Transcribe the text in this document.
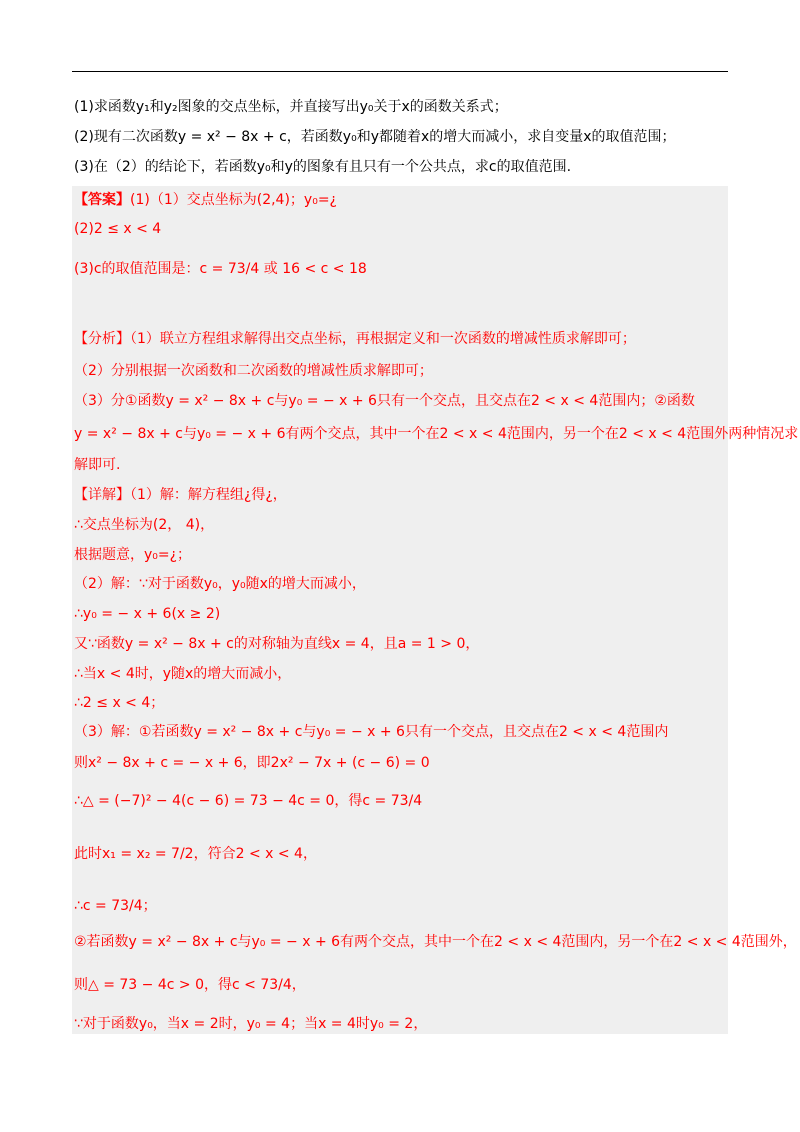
(1)求函数y₁和y₂图象的交点坐标，并直接写出y₀关于x的函数关系式；
(2)现有二次函数y = x² − 8x + c，若函数y₀和y都随着x的增大而减小，求自变量x的取值范围；
(3)在（2）的结论下，若函数y₀和y的图象有且只有一个公共点，求c的取值范围.
【答案】(1)（1）交点坐标为(2,4)；y₀=¿
(2)2 ≤ x < 4
(3)c的取值范围是：c = 73/4 或 16 < c < 18
【分析】（1）联立方程组求解得出交点坐标，再根据定义和一次函数的增减性质求解即可；
（2）分别根据一次函数和二次函数的增减性质求解即可；
（3）分①函数y = x² − 8x + c与y₀ = − x + 6只有一个交点，且交点在2 < x < 4范围内；②函数
y = x² − 8x + c与y₀ = − x + 6有两个交点，其中一个在2 < x < 4范围内，另一个在2 < x < 4范围外两种情况求
解即可.
【详解】（1）解：解方程组¿得¿，
∴交点坐标为(2， 4)，
根据题意，y₀=¿；
（2）解：∵对于函数y₀，y₀随x的增大而减小，
∴y₀ = − x + 6(x ≥ 2)
又∵函数y = x² − 8x + c的对称轴为直线x = 4，且a = 1 > 0，
∴当x < 4时，y随x的增大而减小，
∴2 ≤ x < 4；
（3）解：①若函数y = x² − 8x + c与y₀ = − x + 6只有一个交点，且交点在2 < x < 4范围内
则x² − 8x + c = − x + 6，即2x² − 7x + (c − 6) = 0
∴△ = (−7)² − 4(c − 6) = 73 − 4c = 0，得c = 73/4
此时x₁ = x₂ = 7/2，符合2 < x < 4，
∴c = 73/4；
②若函数y = x² − 8x + c与y₀ = − x + 6有两个交点，其中一个在2 < x < 4范围内，另一个在2 < x < 4范围外，
则△ = 73 − 4c > 0，得c < 73/4，
∵对于函数y₀，当x = 2时，y₀ = 4；当x = 4时y₀ = 2，
